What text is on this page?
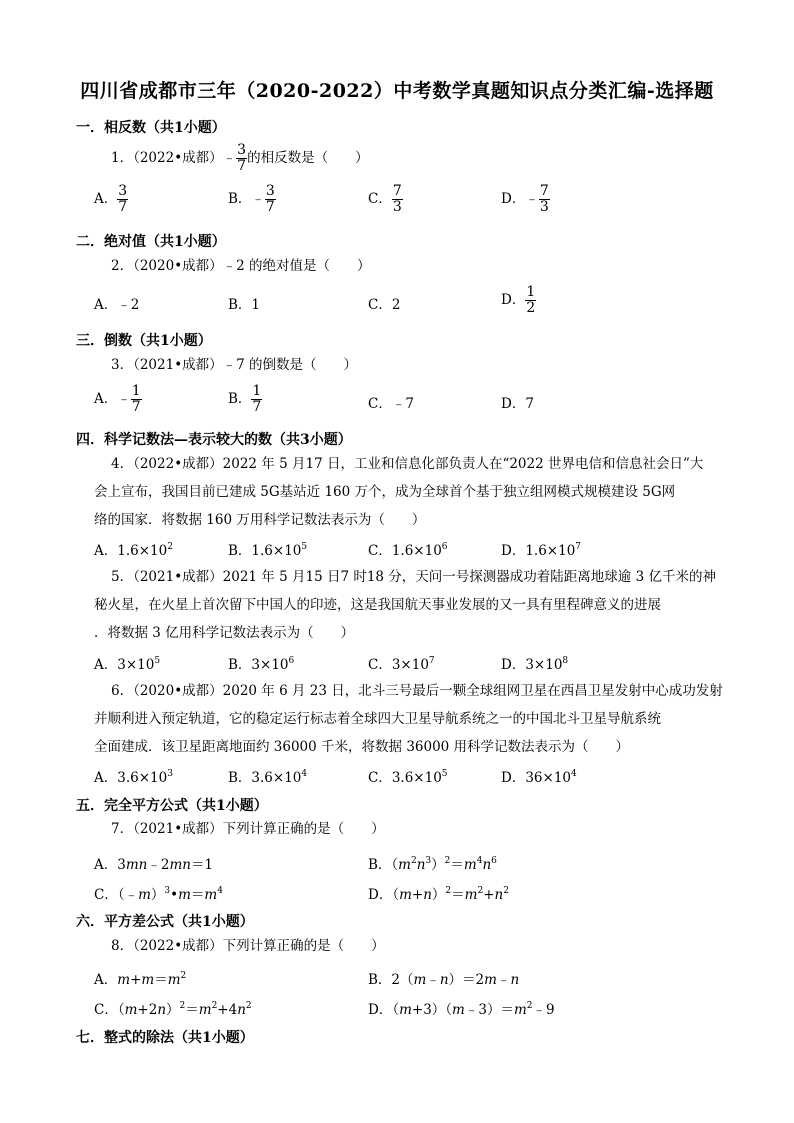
四川省成都市三年（2020-2022）中考数学真题知识点分类汇编-选择题
一．相反数（共1小题）
1．（2022•成都）﹣ $\frac{3}{7}$ 的相反数是（　　）
A． $\frac{3}{7}$	B．﹣ $\frac{3}{7}$	C． $\frac{7}{3}$	D．﹣ $\frac{7}{3}$
二．绝对值（共1小题）
2．（2020•成都）﹣2 的绝对值是（　　）
A．﹣2	B．1	C．2	D． $\frac{1}{2}$
三．倒数（共1小题）
3．（2021•成都）﹣7 的倒数是（　　）
A．﹣ $\frac{1}{7}$	B． $\frac{1}{7}$	C．﹣7	D．7
四．科学记数法—表示较大的数（共3小题）
4．（2022•成都）2022 年 5 月17 日，工业和信息化部负责人在“2022 世界电信和信息社会日”大
会上宣布，我国目前已建成 5G基站近 160 万个，成为全球首个基于独立组网模式规模建设 5G网
络的国家．将数据 160 万用科学记数法表示为（　　）
A．$1.6\times 10^2$	B．$1.6\times 10^5$	C．$1.6\times 10^6$	D．$1.6\times 10^7$
5．（2021•成都）2021 年 5 月15 日7 时18 分，天问一号探测器成功着陆距离地球逾 3 亿千米的神
秘火星，在火星上首次留下中国人的印迹，这是我国航天事业发展的又一具有里程碑意义的进展
．将数据 3 亿用科学记数法表示为（　　）
A．$3\times 10^5$	B．$3\times 10^6$	C．$3\times 10^7$	D．$3\times 10^8$
6．（2020•成都）2020 年 6 月 23 日，北斗三号最后一颗全球组网卫星在西昌卫星发射中心成功发射
并顺利进入预定轨道，它的稳定运行标志着全球四大卫星导航系统之一的中国北斗卫星导航系统
全面建成．该卫星距离地面约 36000 千米，将数据 36000 用科学记数法表示为（　　）
A．$3.6\times 10^3$	B．$3.6\times 10^4$	C．$3.6\times 10^5$	D．$36\times 10^4$
五．完全平方公式（共1小题）
7．（2021•成都）下列计算正确的是（　　）
A．3mn﹣2mn＝1	B．$(m^2n^3)^2=m^4n^6$
C．$(﹣m)^3•m=m^4$	D．$(m+n)^2=m^2+n^2$
六．平方差公式（共1小题）
8．（2022•成都）下列计算正确的是（　　）
A．$m+m=m^2$	B．2（m﹣n）＝2m﹣n
C．$(m+2n)^2=m^2+4n^2$	D．$(m+3)(m﹣3)=m^2﹣9$
七．整式的除法（共1小题）
